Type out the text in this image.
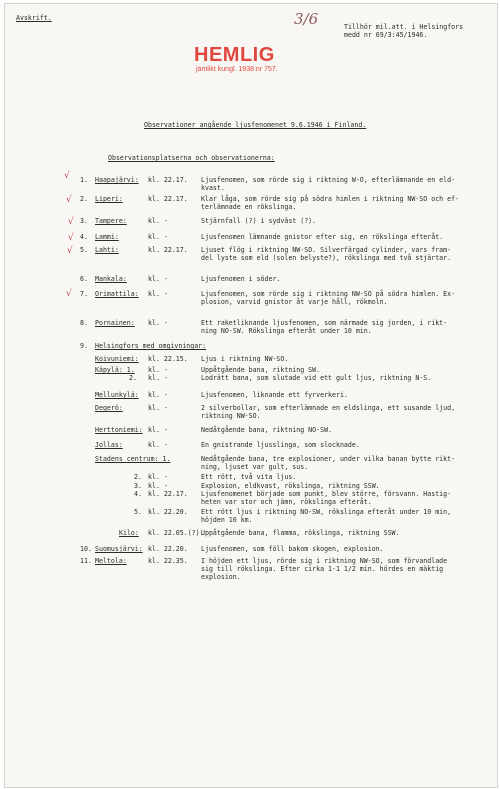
Avskrift.	3/6	Tillhör mil.att. i Helsingfors
medd nr 69/3:45/1946.
HEMLIG
jämlikt kungl. 1938 nr 757.
Observationer angående ljusfenomenet 9.6.1946 i Finland.
Observationsplatserna och observationerna:
√
√
√
√
√
√
1. Haapajärvi: kl. 22.17. Ljusfenomen, som rörde sig i riktning W-O, efterlämnande en eld-
kvast.
2. Liperi:	kl. 22.17. Klar låga, som rörde sig på södra himlen i riktning NW-SO och ef-
terlämnade en rökslinga.
3. Tampere:	kl. -	Stjärnfall (?) i sydväst (?).
4. Lammi:	kl. -	Ljusfenomen lämnande gnistor efter sig, en rökslinga efteråt.
5. Lahti:	kl. 22.17. Ljuset flög i riktning NW-SO. Silverfärgad cylinder, vars fram-
del lyste som eld (solen belyste?), rökslinga med två stjärtar.
6. Mankala:	kl. -	Ljusfenomen i söder.
7. Orimattila: kl. -	Ljusfenomen, som rörde sig i riktning NW-SO på södra himlen. Ex-
plosion, varvid gnistor åt varje håll, rökmoln.
8. Pornainen: kl. -	Ett raketliknande ljusfenomen, som närmade sig jorden, i rikt-
ning NO-SW. Rökslinga efteråt under 10 min.
9. Helsingfors med omgivningar:
Koivuniemi: kl. 22.15. Ljus i riktning NW-SO.
Käpylä: 1. kl. -	Uppåtgående bana, riktning SW.
2. kl. -	Lodrätt bana, som slutade vid ett gult ljus, riktning N-S.
Mellunkylä: kl. -	Ljusfenomen, liknande ett fyrverkeri.
Degerö:	kl. -	2 silverbollar, som efterlämnade en eldslinga, ett susande ljud,
riktning NW-SO.
Herttoniemi: kl. -	Nedåtgående bana, riktning NO-SW.
Jollas:	kl. -	En gnistrande ljusslinga, som slocknade.
Stadens centrum: 1.	Nedåtgående bana, tre explosioner, under vilka banan bytte rikt-
ning, ljuset var gult, sus.
2. kl. -	Ett rött, två vita ljus.
3. kl. -	Explosion, eldkvast, rökslinga, riktning SSW.
4. kl. 22.17. Ljusfenomenet började som punkt, blev större, försvann. Hastig-
heten var stor och jämn, rökslinga efteråt.
5. kl. 22.20. Ett rött ljus i riktning NO-SW, rökslinga efteråt under 10 min,
höjden 10 km.
Kilo: kl. 22.05.(?).
Uppåtgående bana, flamma, rökslinga, riktning SSW.
10. Suomusjärvi: kl. 22.20. Ljusfenomen, som föll bakom skogen, explosion.
11. Meltola:	kl. 22.35. I höjden ett ljus, rörde sig i riktning NW-SO, som förvandlade
sig till rökslinga. Efter cirka 1-1 1/2 min. hördes en mäktig
explosion.
